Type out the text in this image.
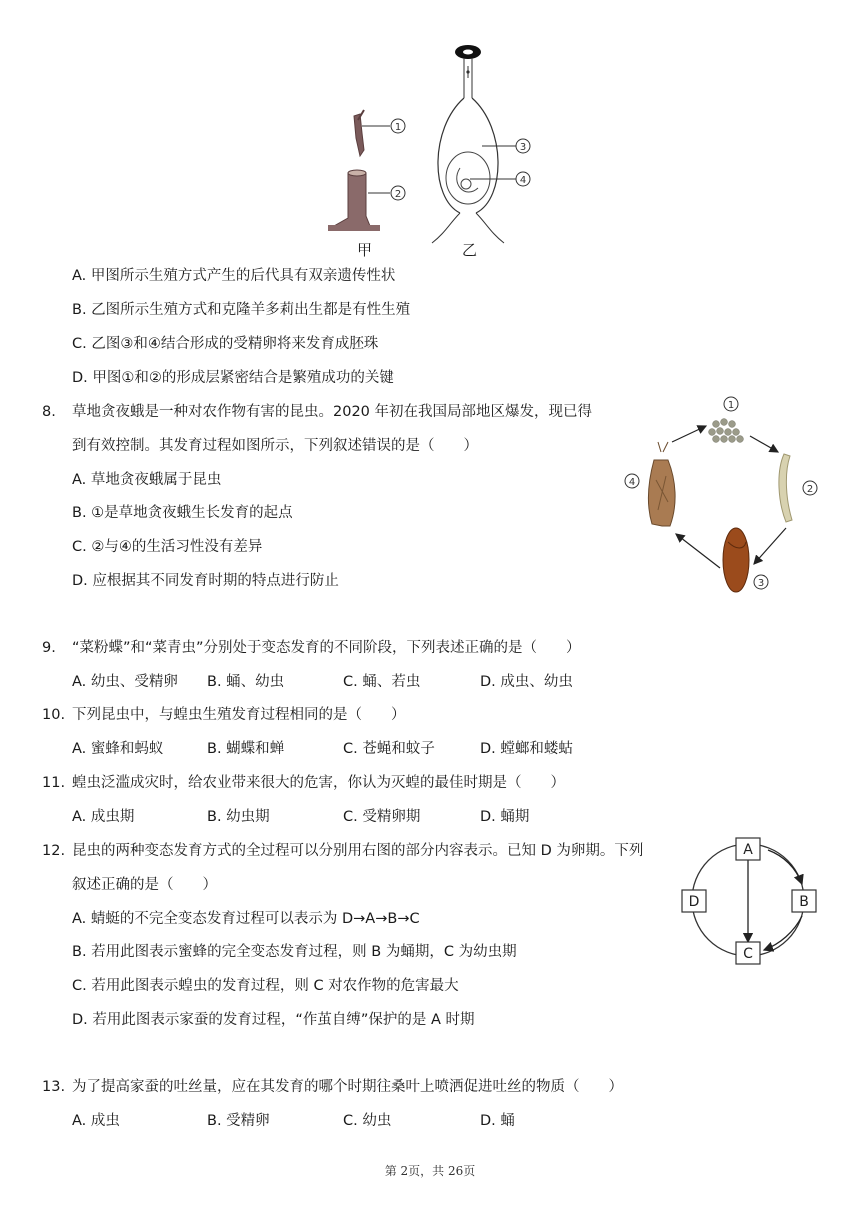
1
2
3
4
甲	乙
A. 甲图所示生殖方式产生的后代具有双亲遗传性状
B. 乙图所示生殖方式和克隆羊多莉出生都是有性生殖
C. 乙图③和④结合形成的受精卵将来发育成胚珠
D. 甲图①和②的形成层紧密结合是繁殖成功的关键
8. 草地贪夜蛾是一种对农作物有害的昆虫。2020 年初在我国局部地区爆发，现已得
到有效控制。其发育过程如图所示，下列叙述错误的是（　　）
A. 草地贪夜蛾属于昆虫
B. ①是草地贪夜蛾生长发育的起点
C. ②与④的生活习性没有差异
D. 应根据其不同发育时期的特点进行防止
1
2
3
4
9. “菜粉蝶”和“菜青虫”分别处于变态发育的不同阶段，下列表述正确的是（　　）
A. 幼虫、受精卵 B. 蛹、幼虫	C. 蛹、若虫	D. 成虫、幼虫
10. 下列昆虫中，与蝗虫生殖发育过程相同的是（　　）
A. 蜜蜂和蚂蚁	B. 蝴蝶和蝉	C. 苍蝇和蚊子	D. 螳螂和蝼蛄
11. 蝗虫泛滥成灾时，给农业带来很大的危害，你认为灭蝗的最佳时期是（　　）
A. 成虫期	B. 幼虫期	C. 受精卵期	D. 蛹期
12. 昆虫的两种变态发育方式的全过程可以分别用右图的部分内容表示。已知 D 为卵期。下列
叙述正确的是（　　）
A. 蜻蜓的不完全变态发育过程可以表示为 D→A→B→C
B. 若用此图表示蜜蜂的完全变态发育过程，则 B 为蛹期，C 为幼虫期
C. 若用此图表示蝗虫的发育过程，则 C 对农作物的危害最大
D. 若用此图表示家蚕的发育过程，“作茧自缚”保护的是 A 时期
A
B
C
D
13. 为了提高家蚕的吐丝量，应在其发育的哪个时期往桑叶上喷洒促进吐丝的物质（　　）
A. 成虫	B. 受精卵	C. 幼虫	D. 蛹
第 2页，共 26页
